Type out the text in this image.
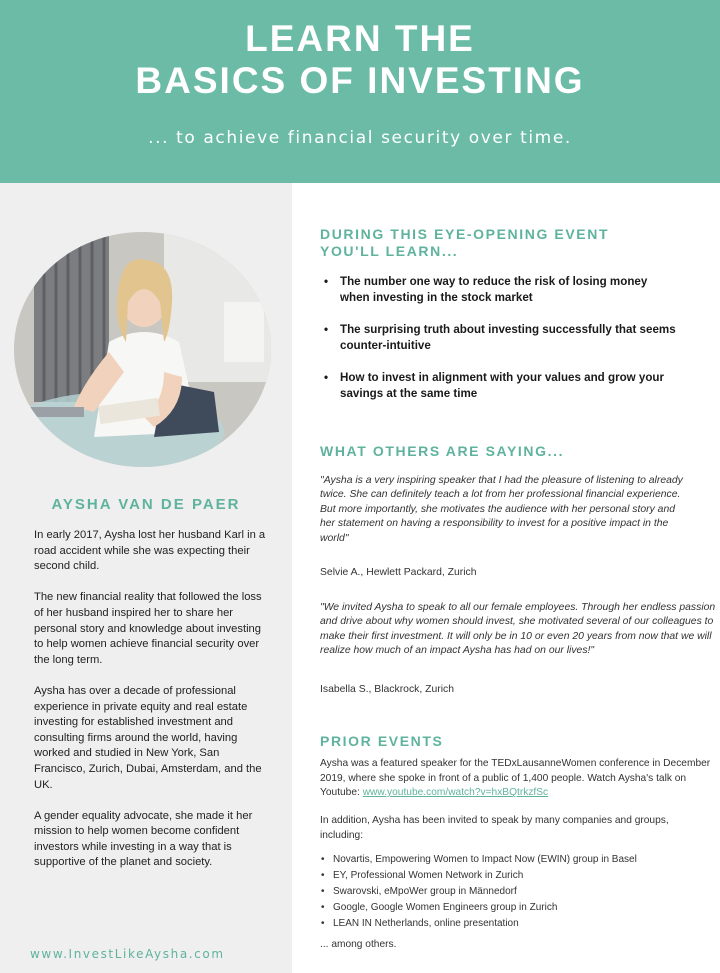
LEARN THE
BASICS OF INVESTING
... to achieve financial security over time.
AYSHA VAN DE PAER

In early 2017, Aysha lost her husband Karl in a road accident while she was expecting their second child.

The new financial reality that followed the loss of her husband inspired her to share her personal story and knowledge about investing to help women achieve financial security over the long term.

Aysha has over a decade of professional experience in private equity and real estate investing for established investment and consulting firms around the world, having worked and studied in New York, San Francisco, Zurich, Dubai, Amsterdam, and the UK.

A gender equality advocate, she made it her mission to help women become confident investors while investing in a way that is supportive of the planet and society.

www.InvestLikeAysha.com
DURING THIS EYE-OPENING EVENT
YOU'LL LEARN...
• The number one way to reduce the risk of losing money when investing in the stock market
• The surprising truth about investing successfully that seems counter-intuitive
• How to invest in alignment with your values and grow your savings at the same time
WHAT OTHERS ARE SAYING...
"Aysha is a very inspiring speaker that I had the pleasure of listening to already twice. She can definitely teach a lot from her professional financial experience. But more importantly, she motivates the audience with her personal story and her statement on having a responsibility to invest for a positive impact in the world"
Selvie A., Hewlett Packard, Zurich
"We invited Aysha to speak to all our female employees. Through her endless passion and drive about why women should invest, she motivated several of our colleagues to make their first investment. It will only be in 10 or even 20 years from now that we will realize how much of an impact Aysha has had on our lives!"
Isabella S., Blackrock, Zurich
PRIOR EVENTS
Aysha was a featured speaker for the TEDxLausanneWomen conference in December 2019, where she spoke in front of a public of 1,400 people. Watch Aysha's talk on Youtube: www.youtube.com/watch?v=hxBQtrkzfSc
In addition, Aysha has been invited to speak by many companies and groups, including:
• Novartis, Empowering Women to Impact Now (EWIN) group in Basel
• EY, Professional Women Network in Zurich
• Swarovski, eMpoWer group in Männedorf
• Google, Google Women Engineers group in Zurich
• LEAN IN Netherlands, online presentation
... among others.
